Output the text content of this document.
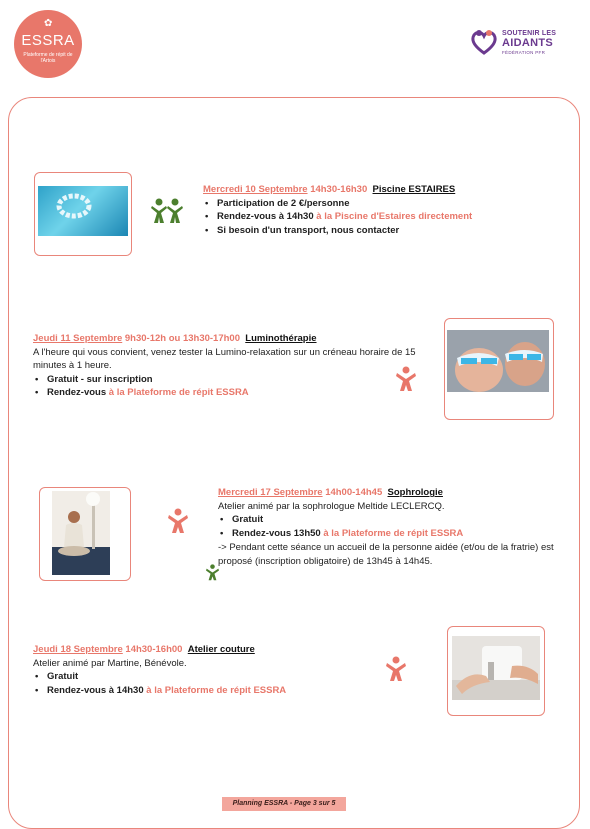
✿
ESSRA
Plateforme de répit de l'Artois
SOUTENIR LES
AIDANTS
FÉDÉRATION PFR
Mercredi 10 Septembre 14h30-16h30 Piscine ESTAIRES
• Participation de 2 €/personne
• Rendez-vous à 14h30 à la Piscine d'Estaires directement
• Si besoin d'un transport, nous contacter
Jeudi 11 Septembre 9h30-12h ou 13h30-17h00 Luminothérapie
A l'heure qui vous convient, venez tester la Lumino-relaxation sur un créneau horaire de 15 minutes à 1 heure.
• Gratuit - sur inscription
• Rendez-vous à la Plateforme de répit ESSRA
Mercredi 17 Septembre 14h00-14h45 Sophrologie
Atelier animé par la sophrologue Meltide LECLERCQ.
• Gratuit
• Rendez-vous 13h50 à la Plateforme de répit ESSRA
-> Pendant cette séance un accueil de la personne aidée (et/ou de la fratrie) est proposé (inscription obligatoire) de 13h45 à 14h45.
Jeudi 18 Septembre 14h30-16h00 Atelier couture
Atelier animé par Martine, Bénévole.
• Gratuit
• Rendez-vous à 14h30 à la Plateforme de répit ESSRA
Planning ESSRA - Page 3 sur 5
